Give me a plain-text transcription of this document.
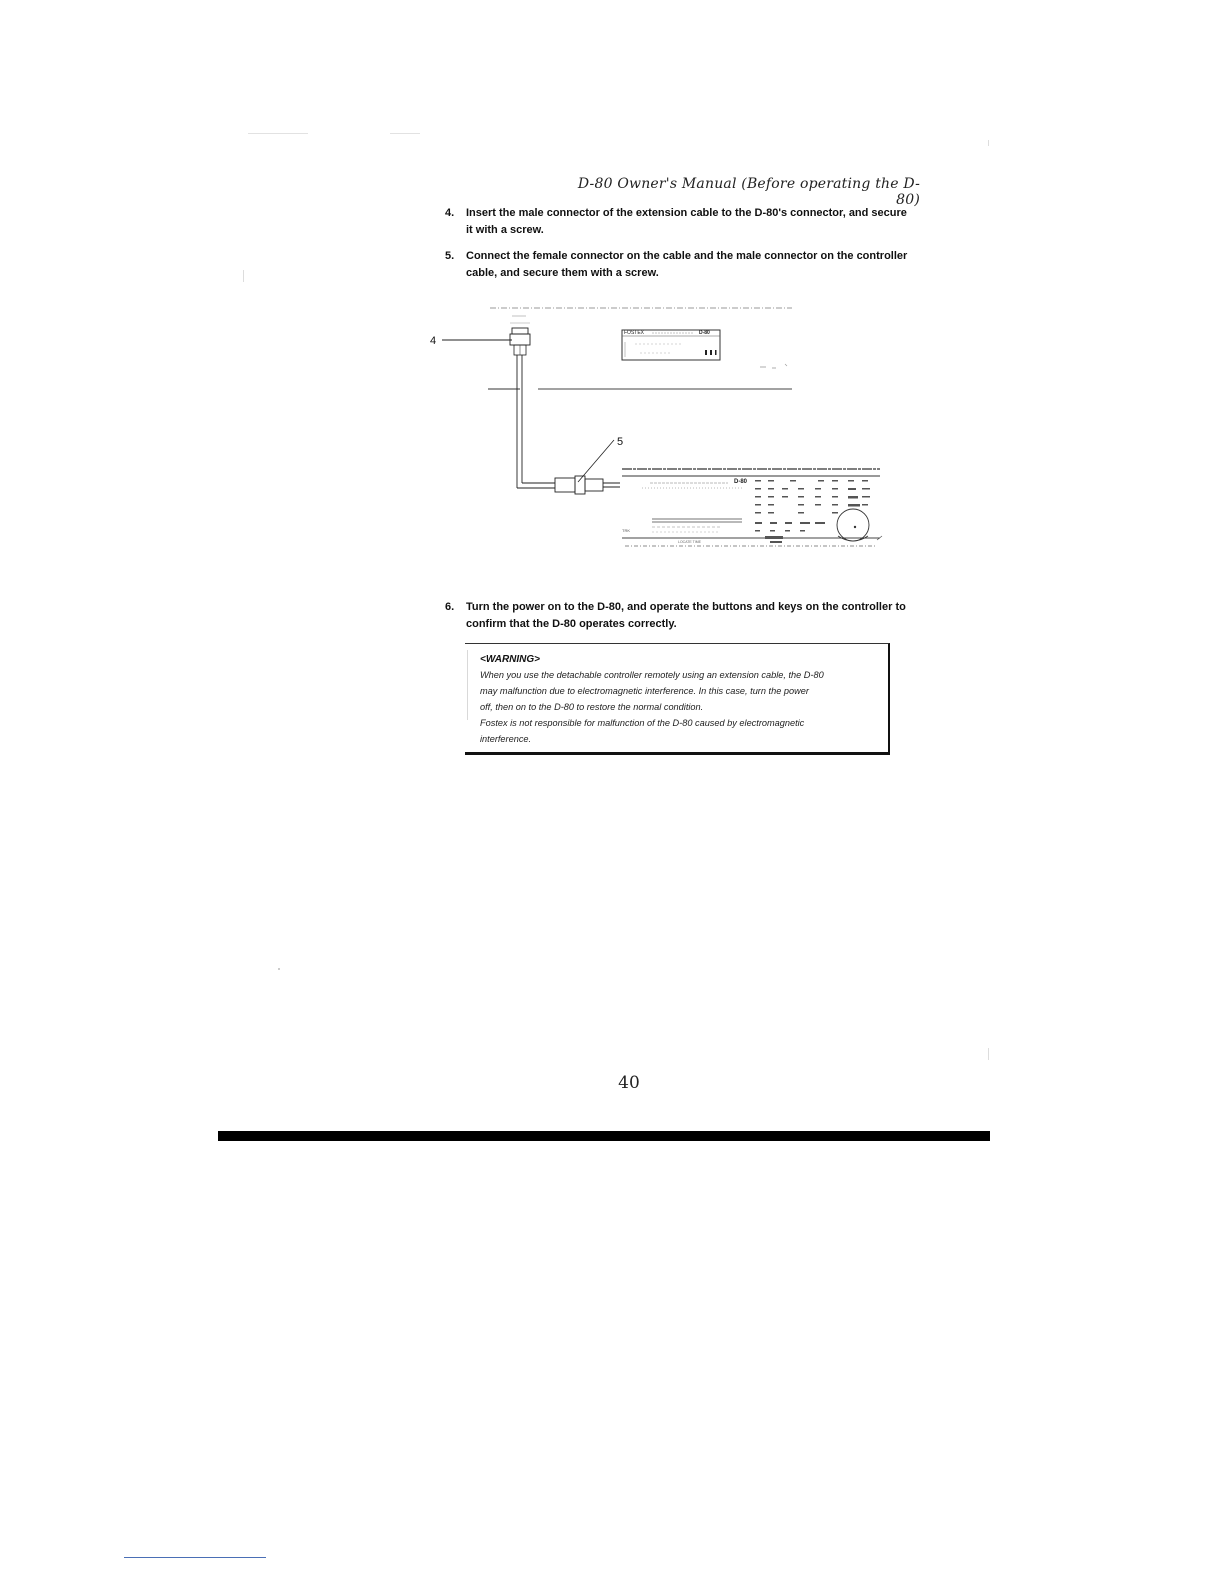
D-80 Owner's Manual (Before operating the D-80)
4.	Insert the male connector of the extension cable to the D-80's connector, and secure it with a screw.
5.	Connect the female connector on the cable and the male connector on the controller cable, and secure them with a screw.
FOSTEX	D-80
4
5
D-80
TRK
LOCATE TIME
6.	Turn the power on to the D-80, and operate the buttons and keys on the controller to confirm that the D-80 operates correctly.
<WARNING>
When you use the detachable controller remotely using an extension cable, the D-80
may malfunction due to electromagnetic interference. In this case, turn the power
off, then on to the D-80 to restore the normal condition.
Fostex is not responsible for malfunction of the D-80 caused by electromagnetic
interference.
40
